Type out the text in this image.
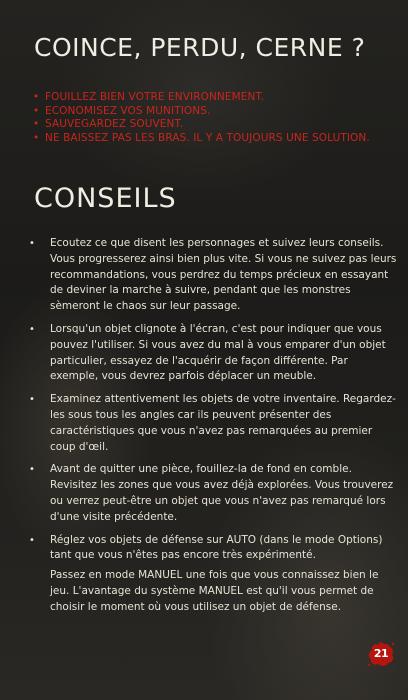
COINCE, PERDU, CERNE ?
• FOUILLEZ BIEN VOTRE ENVIRONNEMENT.
• ECONOMISEZ VOS MUNITIONS.
• SAUVEGARDEZ SOUVENT.
• NE BAISSEZ PAS LES BRAS. IL Y A TOUJOURS UNE SOLUTION.
CONSEILS
• Ecoutez ce que disent les personnages et suivez leurs conseils. Vous progresserez ainsi bien plus vite. Si vous ne suivez pas leurs recommandations, vous perdrez du temps précieux en essayant de deviner la marche à suivre, pendant que les monstres sèmeront le chaos sur leur passage.
• Lorsqu'un objet clignote à l'écran, c'est pour indiquer que vous pouvez l'utiliser. Si vous avez du mal à vous emparer d'un objet particulier, essayez de l'acquérir de façon différente. Par exemple, vous devrez parfois déplacer un meuble.
• Examinez attentivement les objets de votre inventaire. Regardez-les sous tous les angles car ils peuvent présenter des caractéristiques que vous n'avez pas remarquées au premier coup d'œil.
• Avant de quitter une pièce, fouillez-la de fond en comble. Revisitez les zones que vous avez déjà explorées. Vous trouverez ou verrez peut-être un objet que vous n'avez pas remarqué lors d'une visite précédente.
• Réglez vos objets de défense sur AUTO (dans le mode Options) tant que vous n'êtes pas encore très expérimenté.
Passez en mode MANUEL une fois que vous connaissez bien le jeu. L'avantage du système MANUEL est qu'il vous permet de choisir le moment où vous utilisez un objet de défense.
21
